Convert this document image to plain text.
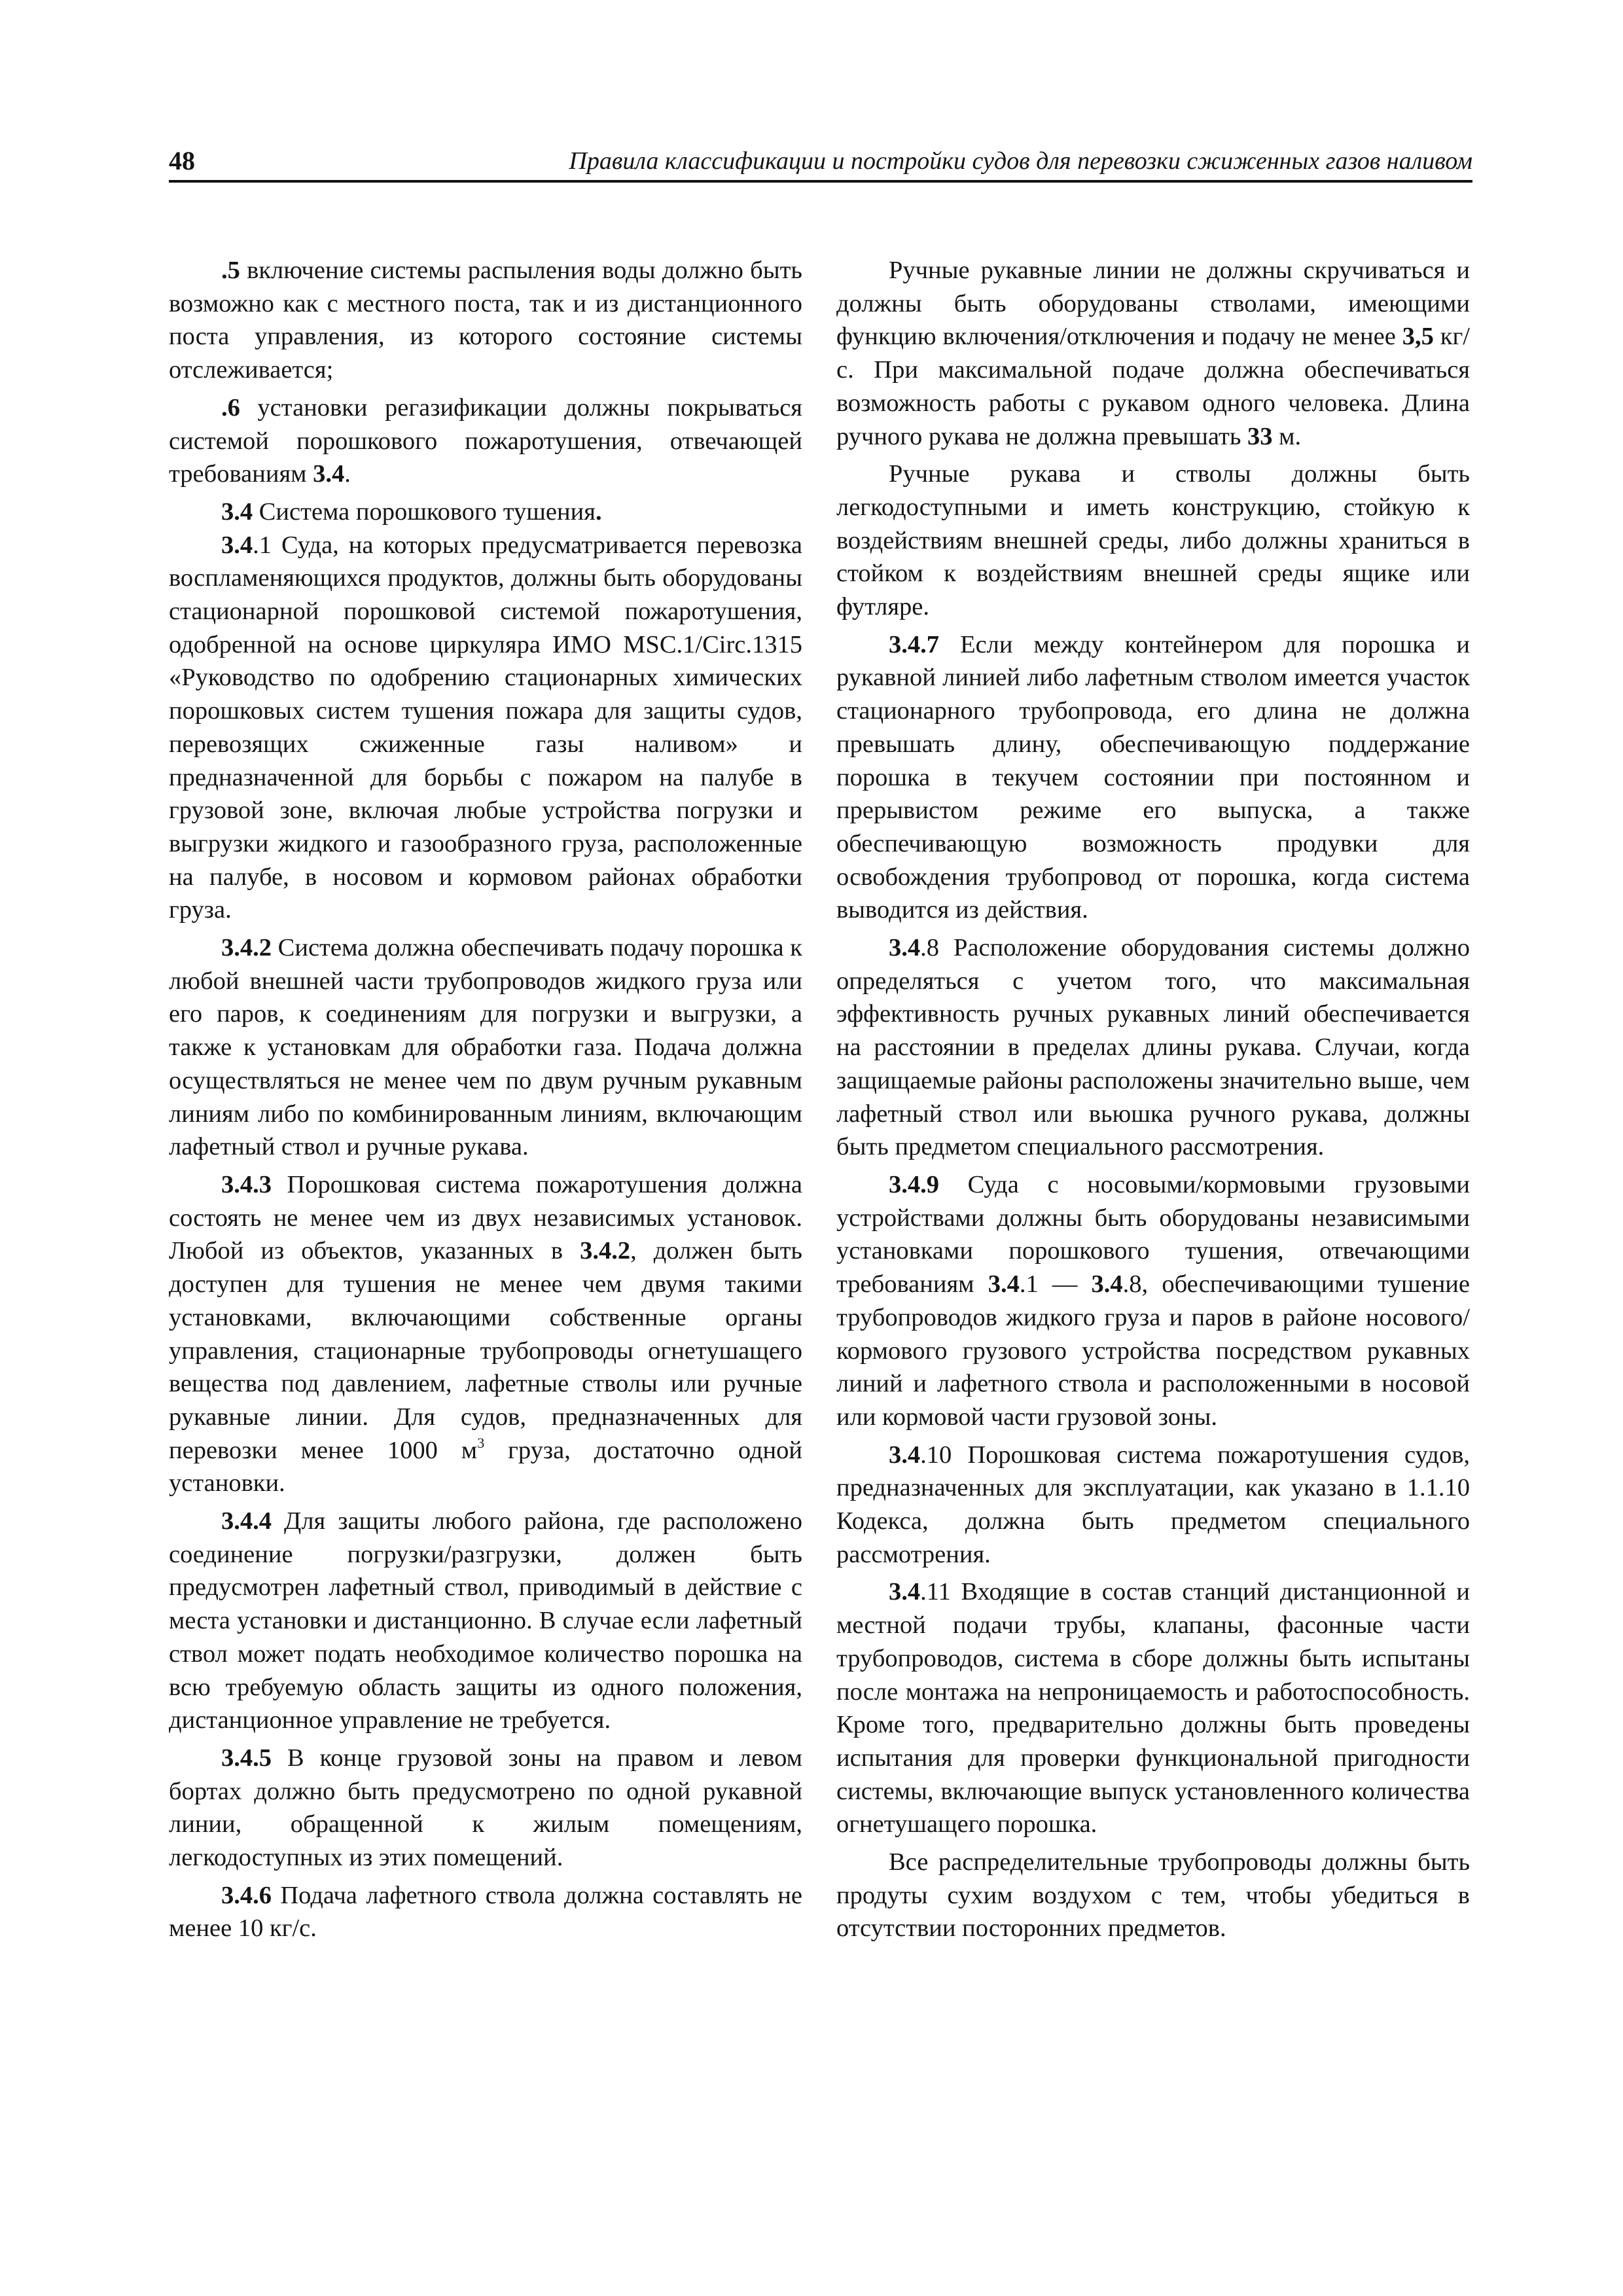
48	Правила классификации и постройки судов для перевозки сжиженных газов наливом

.5 включение системы распыления воды должно быть возможно как с местного поста, так и из дистанционного поста управления, из которого состояние системы отслеживается;

.6 установки регазификации должны покрываться системой порошкового пожаротушения, отвечающей требованиям 3.4.

3.4 Система порошкового тушения.

3.4.1 Суда, на которых предусматривается перевозка воспламеняющихся продуктов, должны быть оборудованы стационарной порошковой системой пожаротушения, одобренной на основе циркуляра ИМО MSC.1/Circ.1315 «Руководство по одобрению стационарных химических порошковых систем тушения пожара для защиты судов, перевозящих сжиженные газы наливом» и предназначенной для борьбы с пожаром на палубе в грузовой зоне, включая любые устройства погрузки и выгрузки жидкого и газообразного груза, расположенные на палубе, в носовом и кормовом районах обработки груза.

3.4.2 Система должна обеспечивать подачу порошка к любой внешней части трубопроводов жидкого груза или его паров, к соединениям для погрузки и выгрузки, а также к установкам для обработки газа. Подача должна осуществляться не менее чем по двум ручным рукавным линиям либо по комбинированным линиям, включающим лафетный ствол и ручные рукава.

3.4.3 Порошковая система пожаротушения должна состоять не менее чем из двух независимых установок. Любой из объектов, указанных в 3.4.2, должен быть доступен для тушения не менее чем двумя такими установками, включающими собственные органы управления, стационарные трубопроводы огнетушащего вещества под давлением, лафетные стволы или ручные рукавные линии. Для судов, предназначенных для перевозки менее 1000 $м^3$ груза, достаточно одной установки.

3.4.4 Для защиты любого района, где расположено соединение погрузки/разгрузки, должен быть предусмотрен лафетный ствол, приводимый в действие с места установки и дистанционно. В случае если лафетный ствол может подать необходимое количество порошка на всю требуемую область защиты из одного положения, дистанционное управление не требуется.

3.4.5 В конце грузовой зоны на правом и левом бортах должно быть предусмотрено по одной рукавной линии, обращенной к жилым помещениям, легкодоступных из этих помещений.

3.4.6 Подача лафетного ствола должна составлять не менее 10 кг/с.

Ручные рукавные линии не должны скручиваться и должны быть оборудованы стволами, имеющими функцию включения/отключения и подачу не менее 3,5 кг/с. При максимальной подаче должна обеспечиваться возможность работы с рукавом одного человека. Длина ручного рукава не должна превышать 33 м.

Ручные рукава и стволы должны быть легкодоступными и иметь конструкцию, стойкую к воздействиям внешней среды, либо должны храниться в стойком к воздействиям внешней среды ящике или футляре.

3.4.7 Если между контейнером для порошка и рукавной линией либо лафетным стволом имеется участок стационарного трубопровода, его длина не должна превышать длину, обеспечивающую поддержание порошка в текучем состоянии при постоянном и прерывистом режиме его выпуска, а также обеспечивающую возможность продувки для освобождения трубопровод от порошка, когда система выводится из действия.

3.4.8 Расположение оборудования системы должно определяться с учетом того, что максимальная эффективность ручных рукавных линий обеспечивается на расстоянии в пределах длины рукава. Случаи, когда защищаемые районы расположены значительно выше, чем лафетный ствол или вьюшка ручного рукава, должны быть предметом специального рассмотрения.

3.4.9 Суда с носовыми/кормовыми грузовыми устройствами должны быть оборудованы независимыми установками порошкового тушения, отвечающими требованиям 3.4.1 — 3.4.8, обеспечивающими тушение трубопроводов жидкого груза и паров в районе носового/кормового грузового устройства посредством рукавных линий и лафетного ствола и расположенными в носовой или кормовой части грузовой зоны.

3.4.10 Порошковая система пожаротушения судов, предназначенных для эксплуатации, как указано в 1.1.10 Кодекса, должна быть предметом специального рассмотрения.

3.4.11 Входящие в состав станций дистанционной и местной подачи трубы, клапаны, фасонные части трубопроводов, система в сборе должны быть испытаны после монтажа на непроницаемость и работоспособность. Кроме того, предварительно должны быть проведены испытания для проверки функциональной пригодности системы, включающие выпуск установленного количества огнетушащего порошка.

Все распределительные трубопроводы должны быть продуты сухим воздухом с тем, чтобы убедиться в отсутствии посторонних предметов.
